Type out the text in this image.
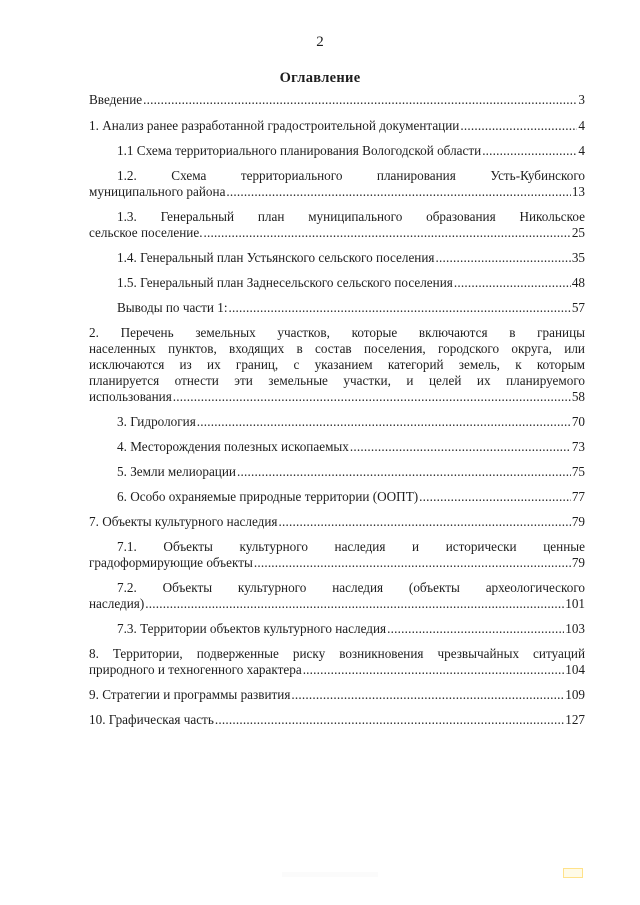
2
Оглавление
Введение .....	3
1. Анализ ранее разработанной градостроительной документации .....	4
1.1 Схема территориального планирования Вологодской области .....	4
1.2. Схема территориального планирования Усть-Кубинского
муниципального района .....	13
1.3. Генеральный план муниципального образования Никольское
сельское поселение. .....	25
1.4. Генеральный план Устьянского сельского поселения .....	35
1.5. Генеральный план Заднесельского сельского поселения .....	48
Выводы по части 1: .....	57
2. Перечень земельных участков, которые включаются в границы
населенных пунктов, входящих в состав поселения, городского округа, или
исключаются из их границ, с указанием категорий земель, к которым
планируется отнести эти земельные участки, и целей их планируемого
использования .....	58
3. Гидрология .....	70
4. Месторождения полезных ископаемых .....	73
5. Земли мелиорации .....	75
6. Особо охраняемые природные территории (ООПТ) .....	77
7. Объекты культурного наследия .....	79
7.1. Объекты культурного наследия и исторически ценные
градоформирующие объекты .....	79
7.2. Объекты культурного наследия (объекты археологического
наследия) .....	101
7.3. Территории объектов культурного наследия .....	103
8. Территории, подверженные риску возникновения чрезвычайных ситуаций
природного и техногенного характера .....	104
9. Стратегии и программы развития .....	109
10. Графическая часть .....	127
